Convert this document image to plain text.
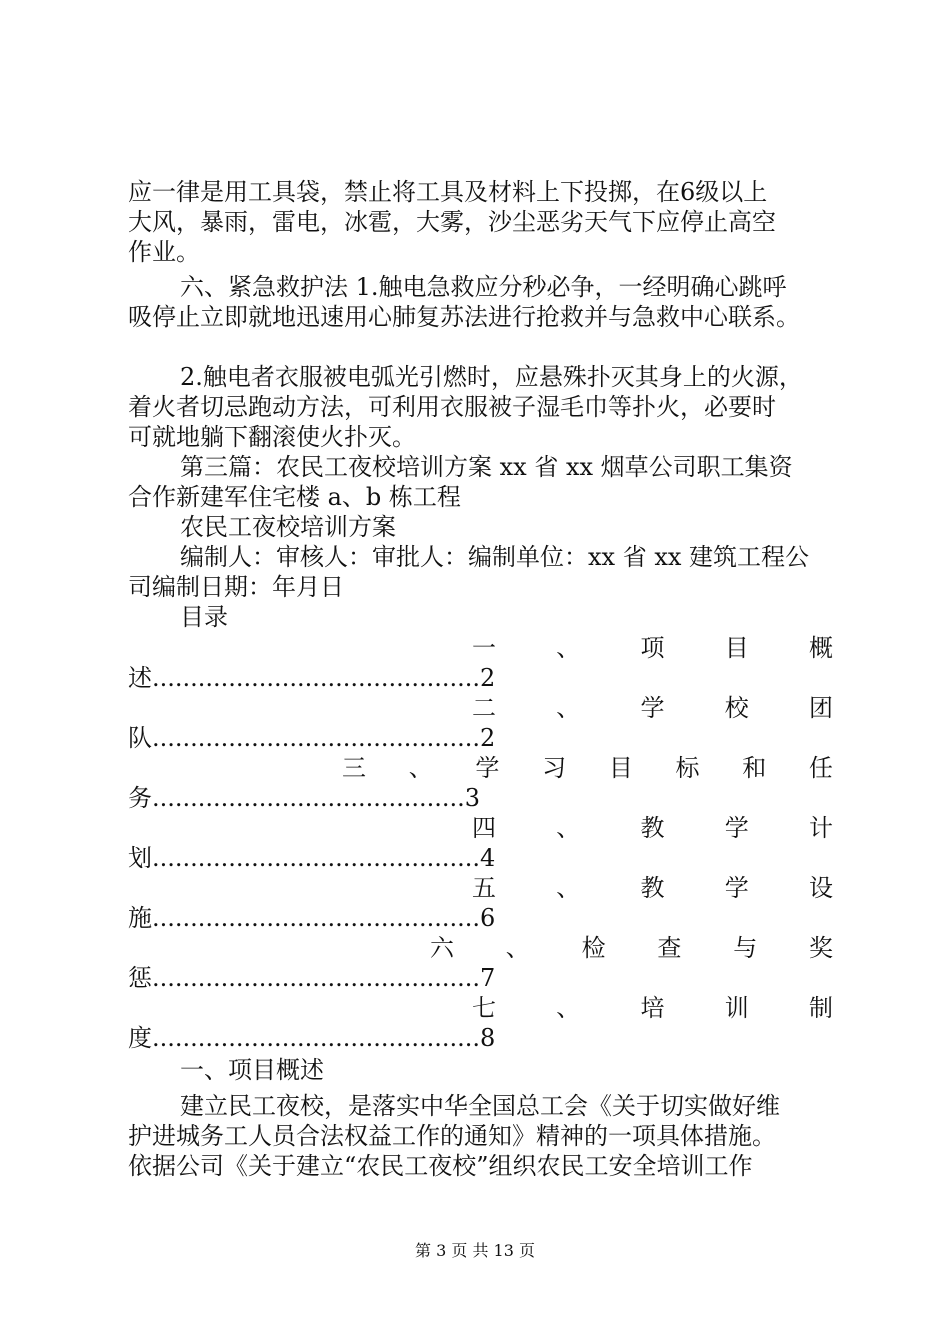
应一律是用工具袋，禁止将工具及材料上下投掷，在6级以上
大风，暴雨，雷电，冰雹，大雾，沙尘恶劣天气下应停止高空
作业。
六、紧急救护法 1.触电急救应分秒必争，一经明确心跳呼
吸停止立即就地迅速用心肺复苏法进行抢救并与急救中心联系。
2.触电者衣服被电弧光引燃时，应悬殊扑灭其身上的火源，
着火者切忌跑动方法，可利用衣服被子湿毛巾等扑火，必要时
可就地躺下翻滚使火扑灭。
第三篇：农民工夜校培训方案 xx 省 xx 烟草公司职工集资
合作新建军住宅楼 a、b 栋工程
农民工夜校培训方案
编制人：审核人：审批人：编制单位：xx 省 xx 建筑工程公
司编制日期：年月日
目录
一	、	项	目	概
述...........................................2
二	、	学	校	团
队...........................................2
三 、 学 习 目 标 和 任
务.........................................3
四	、	教	学	计
划...........................................4
五	、	教	学	设
施...........................................6
六 、 检 查 与 奖
惩...........................................7
七	、	培	训	制
度...........................................8
一、项目概述
建立民工夜校，是落实中华全国总工会《关于切实做好维
护进城务工人员合法权益工作的通知》精神的一项具体措施。
依据公司《关于建立“农民工夜校”组织农民工安全培训工作
第 3 页 共 13 页
